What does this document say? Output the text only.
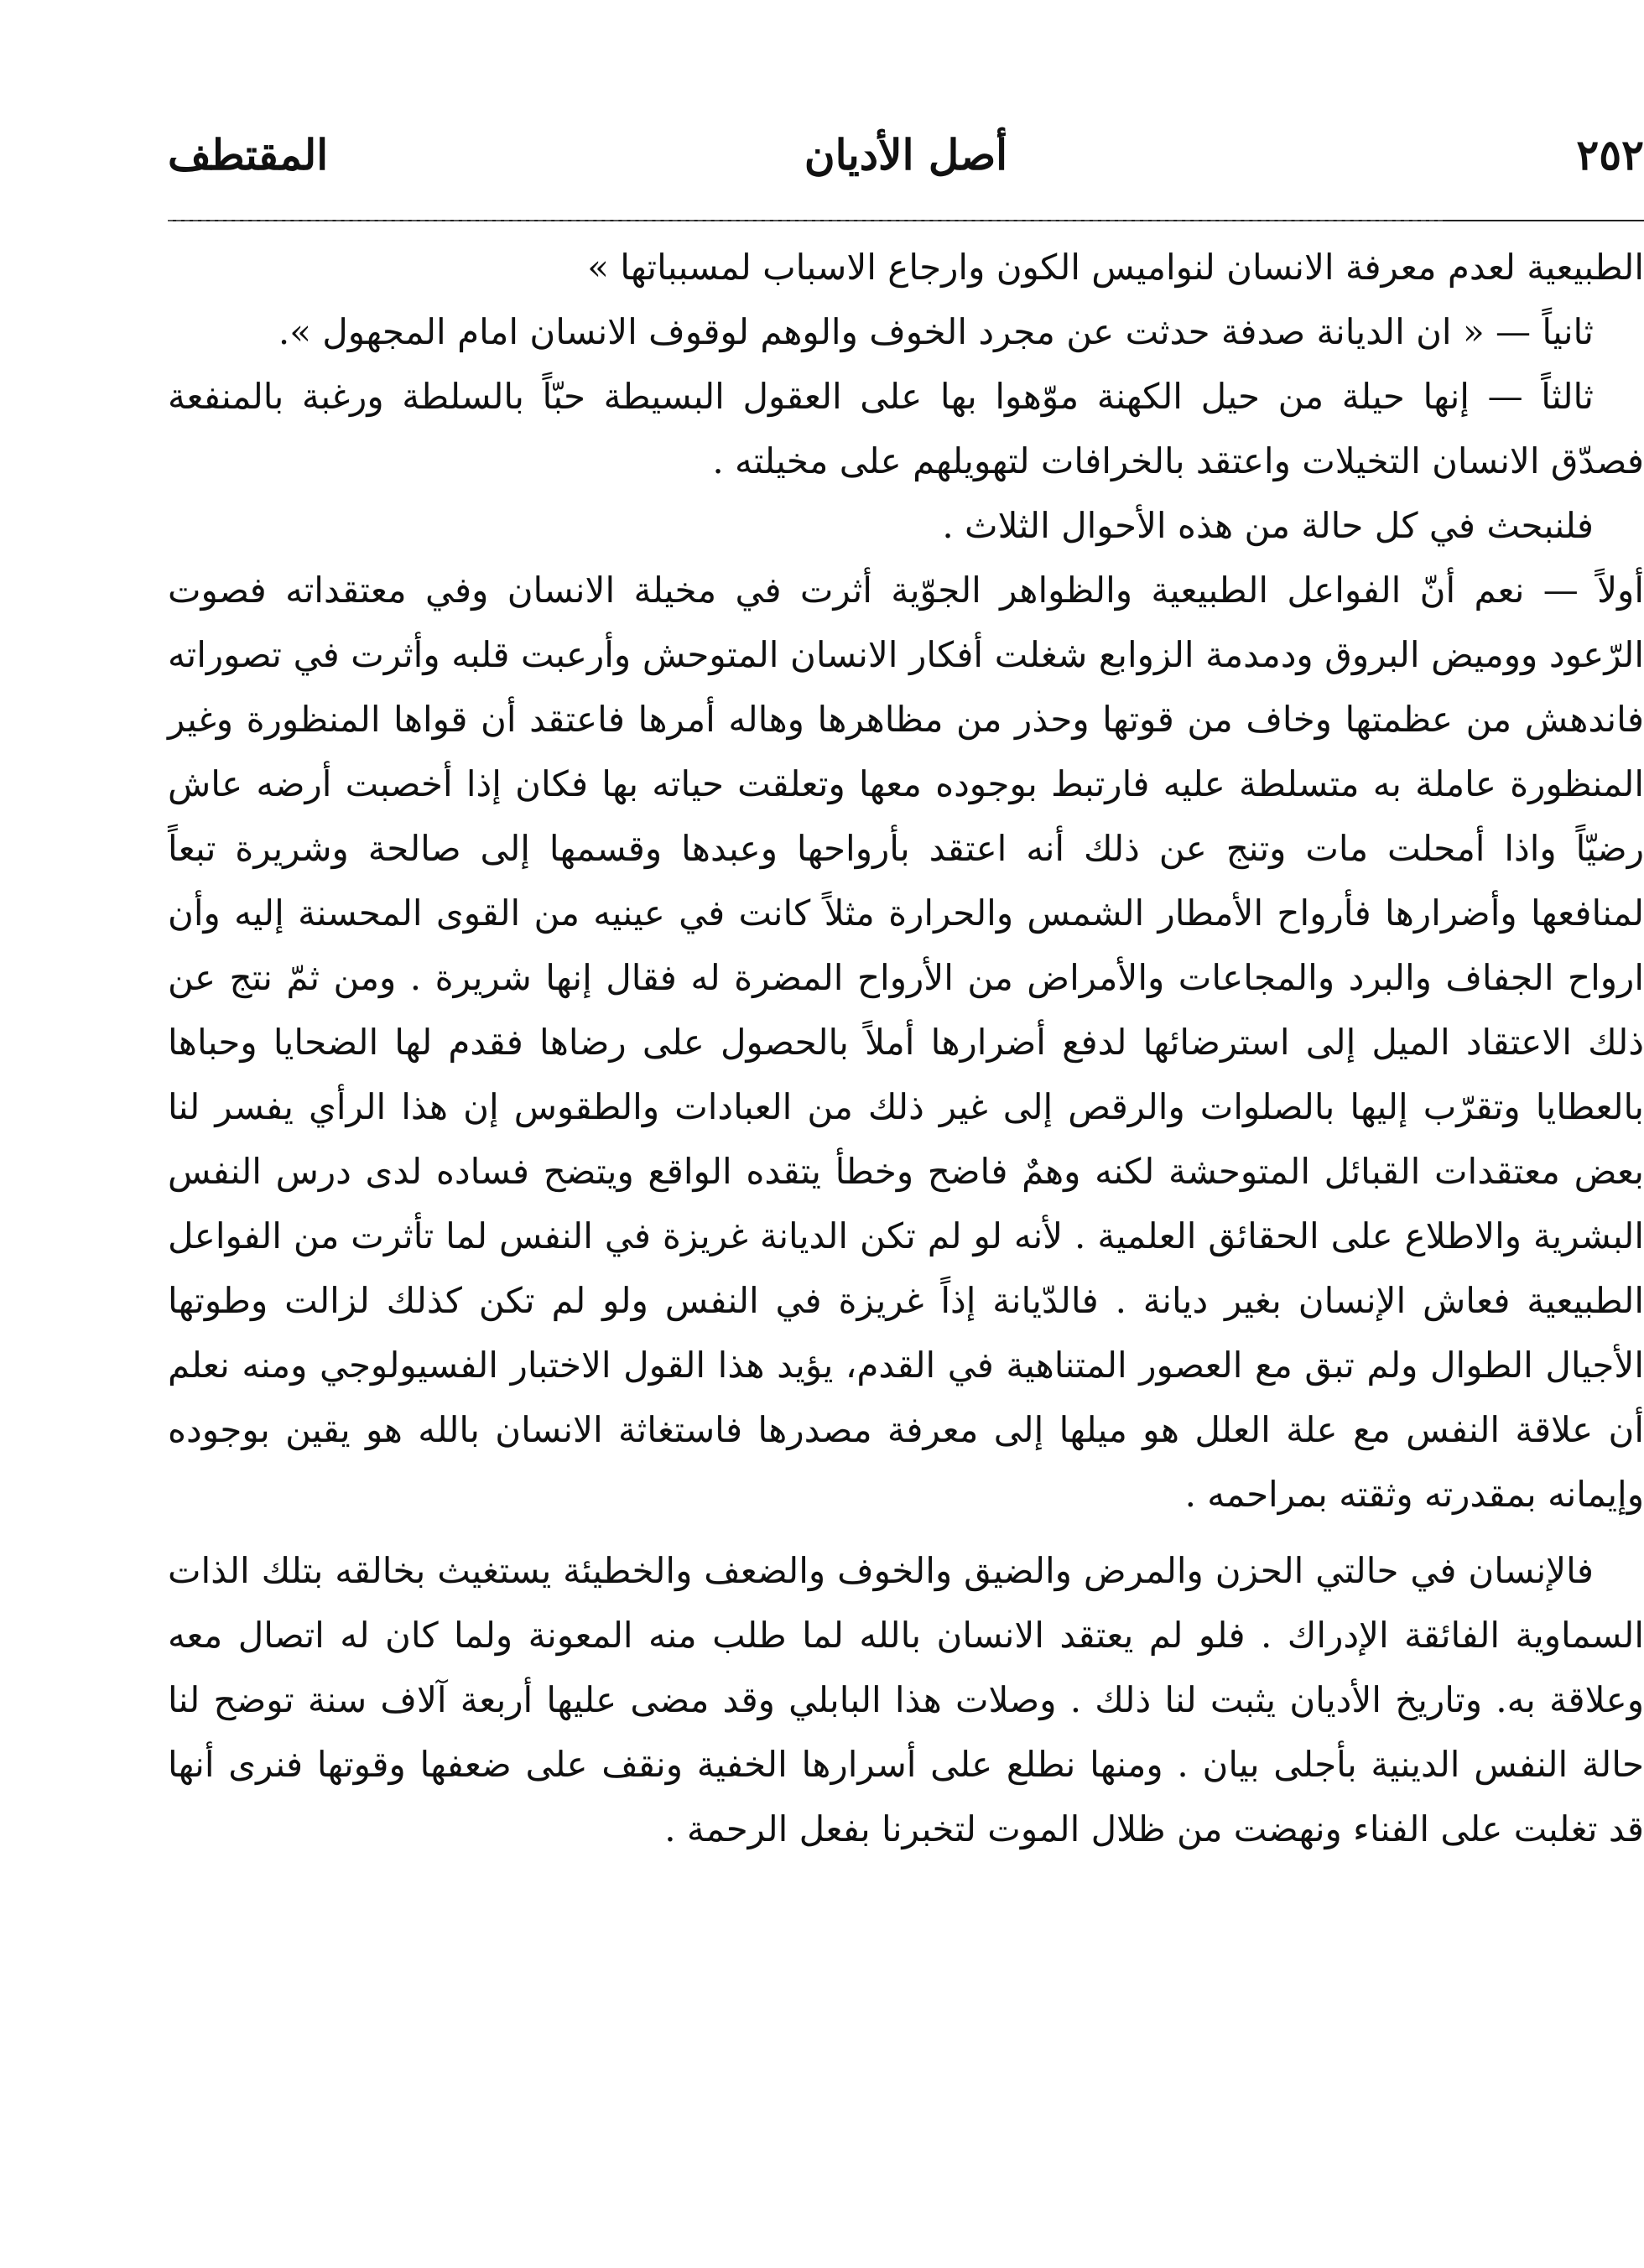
٢٥٢
أصل الأديان
المقتطف

الطبيعية لعدم معرفة الانسان لنواميس الكون وارجاع الاسباب لمسبباتها »

ثانياً — « ان الديانة صدفة حدثت عن مجرد الخوف والوهم لوقوف الانسان امام المجهول ».

ثالثاً — إنها حيلة من حيل الكهنة موّهوا بها على العقول البسيطة حبّاً بالسلطة ورغبة بالمنفعة فصدّق الانسان التخيلات واعتقد بالخرافات لتهويلهم على مخيلته .

فلنبحث في كل حالة من هذه الأحوال الثلاث .

أولاً — نعم أنّ الفواعل الطبيعية والظواهر الجوّية أثرت في مخيلة الانسان وفي معتقداته فصوت الرّعود ووميض البروق ودمدمة الزوابع شغلت أفكار الانسان المتوحش وأرعبت قلبه وأثرت في تصوراته فاندهش من عظمتها وخاف من قوتها وحذر من مظاهرها وهاله أمرها فاعتقد أن قواها المنظورة وغير المنظورة عاملة به متسلطة عليه فارتبط بوجوده معها وتعلقت حياته بها فكان إذا أخصبت أرضه عاش رضيّاً واذا أمحلت مات وتنج عن ذلك أنه اعتقد بأرواحها وعبدها وقسمها إلى صالحة وشريرة تبعاً لمنافعها وأضرارها فأرواح الأمطار الشمس والحرارة مثلاً كانت في عينيه من القوى المحسنة إليه وأن ارواح الجفاف والبرد والمجاعات والأمراض من الأرواح المضرة له فقال إنها شريرة . ومن ثمّ نتج عن ذلك الاعتقاد الميل إلى استرضائها لدفع أضرارها أملاً بالحصول على رضاها فقدم لها الضحايا وحباها بالعطايا وتقرّب إليها بالصلوات والرقص إلى غير ذلك من العبادات والطقوس إن هذا الرأي يفسر لنا بعض معتقدات القبائل المتوحشة لكنه وهمٌ فاضح وخطأ يتقده الواقع ويتضح فساده لدى درس النفس البشرية والاطلاع على الحقائق العلمية . لأنه لو لم تكن الديانة غريزة في النفس لما تأثرت من الفواعل الطبيعية فعاش الإنسان بغير ديانة . فالدّيانة إذاً غريزة في النفس ولو لم تكن كذلك لزالت وطوتها الأجيال الطوال ولم تبق مع العصور المتناهية في القدم، يؤيد هذا القول الاختبار الفسيولوجي ومنه نعلم أن علاقة النفس مع علة العلل هو ميلها إلى معرفة مصدرها فاستغاثة الانسان بالله هو يقين بوجوده وإيمانه بمقدرته وثقته بمراحمه .

فالإنسان في حالتي الحزن والمرض والضيق والخوف والضعف والخطيئة يستغيث بخالقه بتلك الذات السماوية الفائقة الإدراك . فلو لم يعتقد الانسان بالله لما طلب منه المعونة ولما كان له اتصال معه وعلاقة به. وتاريخ الأديان يثبت لنا ذلك . وصلات هذا البابلي وقد مضى عليها أربعة آلاف سنة توضح لنا حالة النفس الدينية بأجلى بيان . ومنها نطلع على أسرارها الخفية ونقف على ضعفها وقوتها فنرى أنها قد تغلبت على الفناء ونهضت من ظلال الموت لتخبرنا بفعل الرحمة .
